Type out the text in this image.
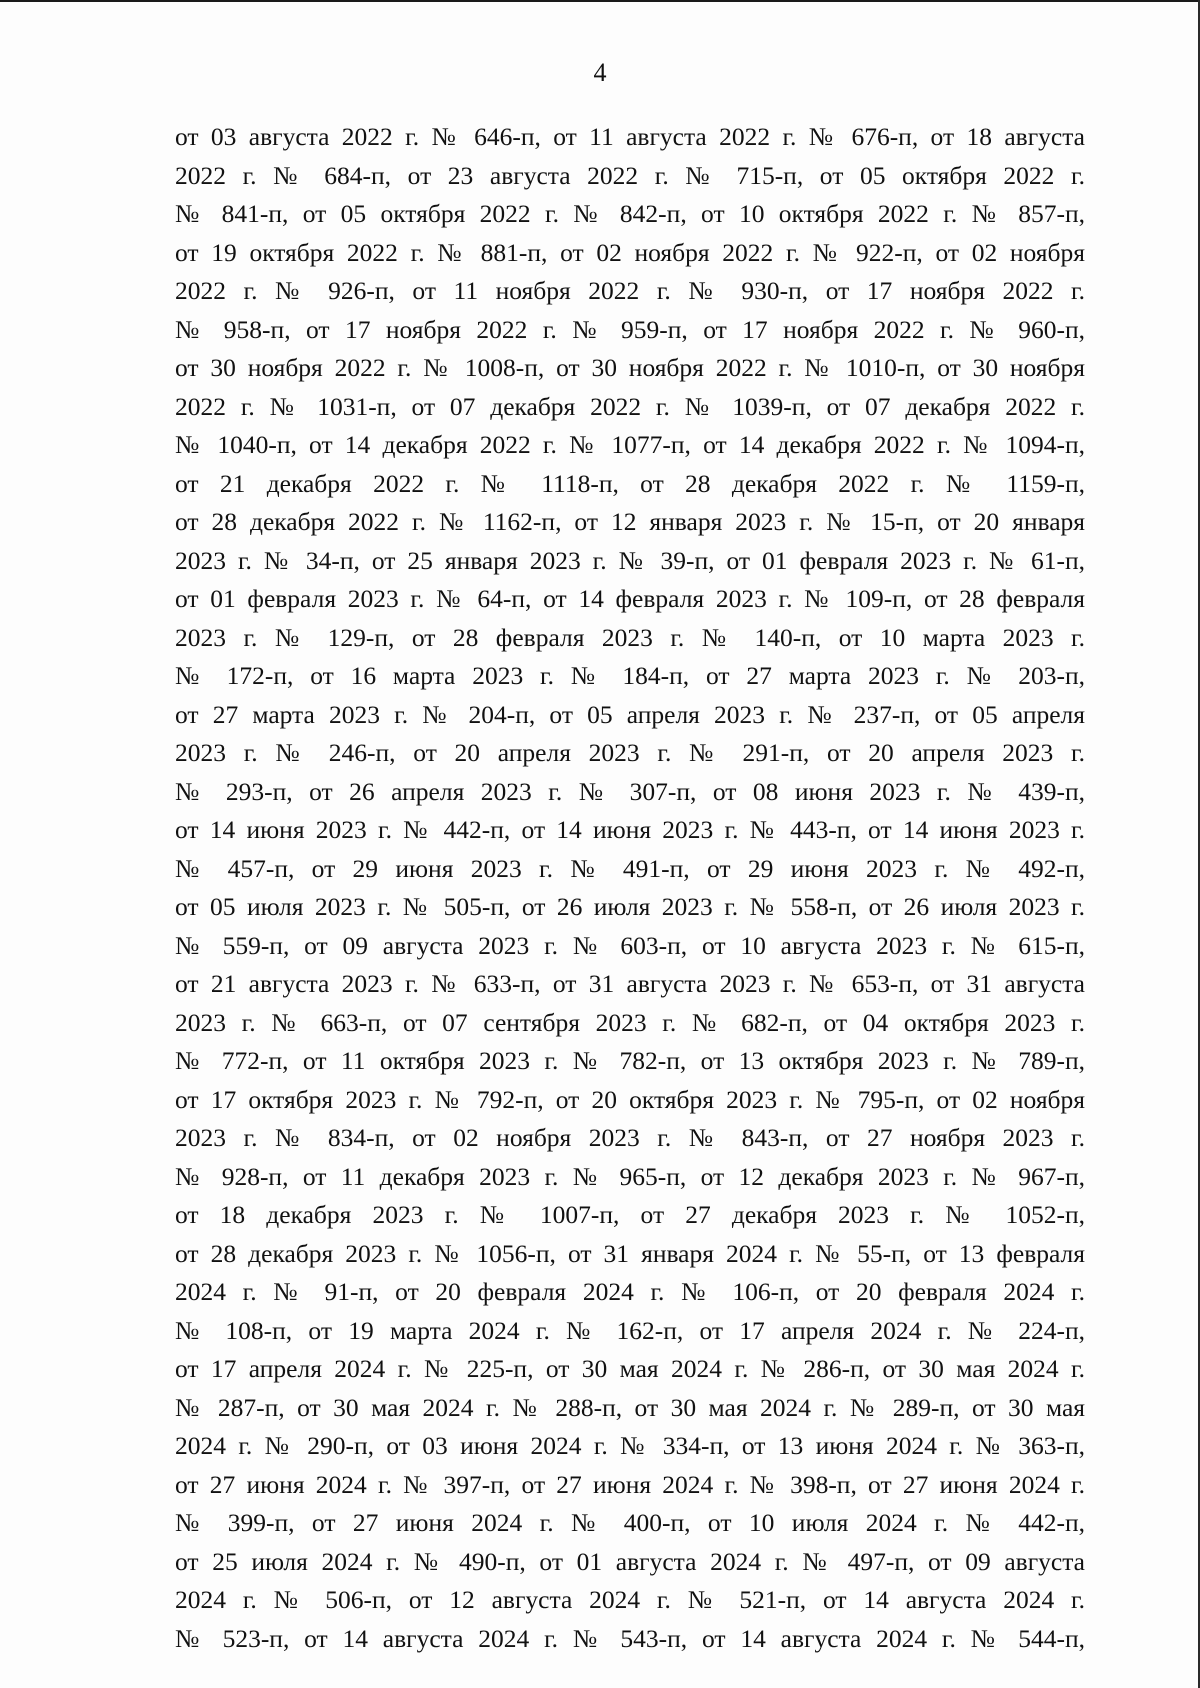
4
от 03 августа 2022 г. № 646-п, от 11 августа 2022 г. № 676-п, от 18 августа
2022 г. № 684-п, от 23 августа 2022 г. № 715-п, от 05 октября 2022 г.
№ 841-п, от 05 октября 2022 г. № 842-п, от 10 октября 2022 г. № 857-п,
от 19 октября 2022 г. № 881-п, от 02 ноября 2022 г. № 922-п, от 02 ноября
2022 г. № 926-п, от 11 ноября 2022 г. № 930-п, от 17 ноября 2022 г.
№ 958-п, от 17 ноября 2022 г. № 959-п, от 17 ноября 2022 г. № 960-п,
от 30 ноября 2022 г. № 1008-п, от 30 ноября 2022 г. № 1010-п, от 30 ноября
2022 г. № 1031-п, от 07 декабря 2022 г. № 1039-п, от 07 декабря 2022 г.
№ 1040-п, от 14 декабря 2022 г. № 1077-п, от 14 декабря 2022 г. № 1094-п,
от 21 декабря 2022 г. № 1118-п, от 28 декабря 2022 г. № 1159-п,
от 28 декабря 2022 г. № 1162-п, от 12 января 2023 г. № 15-п, от 20 января
2023 г. № 34-п, от 25 января 2023 г. № 39-п, от 01 февраля 2023 г. № 61-п,
от 01 февраля 2023 г. № 64-п, от 14 февраля 2023 г. № 109-п, от 28 февраля
2023 г. № 129-п, от 28 февраля 2023 г. № 140-п, от 10 марта 2023 г.
№ 172-п, от 16 марта 2023 г. № 184-п, от 27 марта 2023 г. № 203-п,
от 27 марта 2023 г. № 204-п, от 05 апреля 2023 г. № 237-п, от 05 апреля
2023 г. № 246-п, от 20 апреля 2023 г. № 291-п, от 20 апреля 2023 г.
№ 293-п, от 26 апреля 2023 г. № 307-п, от 08 июня 2023 г. № 439-п,
от 14 июня 2023 г. № 442-п, от 14 июня 2023 г. № 443-п, от 14 июня 2023 г.
№ 457-п, от 29 июня 2023 г. № 491-п, от 29 июня 2023 г. № 492-п,
от 05 июля 2023 г. № 505-п, от 26 июля 2023 г. № 558-п, от 26 июля 2023 г.
№ 559-п, от 09 августа 2023 г. № 603-п, от 10 августа 2023 г. № 615-п,
от 21 августа 2023 г. № 633-п, от 31 августа 2023 г. № 653-п, от 31 августа
2023 г. № 663-п, от 07 сентября 2023 г. № 682-п, от 04 октября 2023 г.
№ 772-п, от 11 октября 2023 г. № 782-п, от 13 октября 2023 г. № 789-п,
от 17 октября 2023 г. № 792-п, от 20 октября 2023 г. № 795-п, от 02 ноября
2023 г. № 834-п, от 02 ноября 2023 г. № 843-п, от 27 ноября 2023 г.
№ 928-п, от 11 декабря 2023 г. № 965-п, от 12 декабря 2023 г. № 967-п,
от 18 декабря 2023 г. № 1007-п, от 27 декабря 2023 г. № 1052-п,
от 28 декабря 2023 г. № 1056-п, от 31 января 2024 г. № 55-п, от 13 февраля
2024 г. № 91-п, от 20 февраля 2024 г. № 106-п, от 20 февраля 2024 г.
№ 108-п, от 19 марта 2024 г. № 162-п, от 17 апреля 2024 г. № 224-п,
от 17 апреля 2024 г. № 225-п, от 30 мая 2024 г. № 286-п, от 30 мая 2024 г.
№ 287-п, от 30 мая 2024 г. № 288-п, от 30 мая 2024 г. № 289-п, от 30 мая
2024 г. № 290-п, от 03 июня 2024 г. № 334-п, от 13 июня 2024 г. № 363-п,
от 27 июня 2024 г. № 397-п, от 27 июня 2024 г. № 398-п, от 27 июня 2024 г.
№ 399-п, от 27 июня 2024 г. № 400-п, от 10 июля 2024 г. № 442-п,
от 25 июля 2024 г. № 490-п, от 01 августа 2024 г. № 497-п, от 09 августа
2024 г. № 506-п, от 12 августа 2024 г. № 521-п, от 14 августа 2024 г.
№ 523-п, от 14 августа 2024 г. № 543-п, от 14 августа 2024 г. № 544-п,
